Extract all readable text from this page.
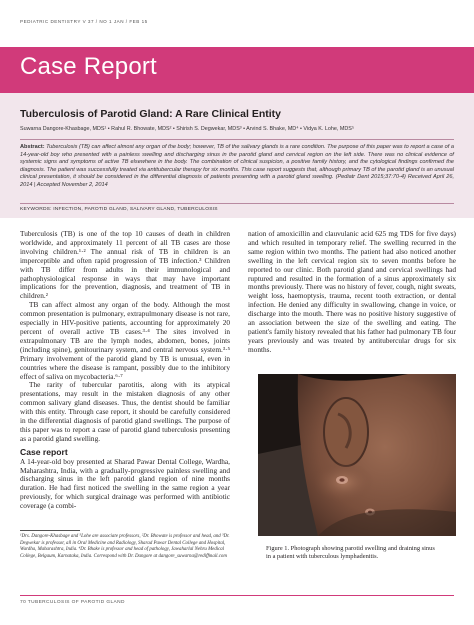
PEDIATRIC DENTISTRY V 37 / NO 1 JAN / FEB 15
Case Report
Tuberculosis of Parotid Gland: A Rare Clinical Entity
Suwarna Dangore-Khasbage, MDS¹ • Rahul R. Bhowate, MDS² • Shirish S. Degwekar, MDS³ • Arvind S. Bhake, MD⁴ • Vidya K. Lohe, MDS⁵
Abstract: Tuberculosis (TB) can affect almost any organ of the body; however, TB of the salivary glands is a rare condition. The purpose of this paper was to report a case of a 14-year-old boy who presented with a painless swelling and discharging sinus in the parotid gland and cervical region on the left side. There was no clinical evidence of systemic signs and symptoms of active TB elsewhere in the body. The combination of clinical suspicion, a positive family history, and the cytological findings confirmed the diagnosis. The patient was successfully treated via antitubercular therapy for six months. This case report suggests that, although primary TB of the parotid gland is an unusual clinical presentation, it should be considered in the differential diagnosis of patients presenting with a parotid gland swelling. (Pediatr Dent 2015;37:70-4) Received April 26, 2014 | Accepted November 2, 2014
KEYWORDS: INFECTION, PAROTID GLAND, SALIVARY GLAND, TUBERCULOSIS

Tuberculosis (TB) is one of the top 10 causes of death in children worldwide, and approximately 11 percent of all TB cases are those involving children.¹·² The annual risk of TB in children is an imperceptible and often rapid progression of TB infection.³ Children with TB differ from adults in their immunological and pathophysiological response in ways that may have important implications for the prevention, diagnosis, and treatment of TB in children.²

TB can affect almost any organ of the body. Although the most common presentation is pulmonary, extrapulmonary disease is not rare, especially in HIV-positive patients, accounting for approximately 20 percent of overall active TB cases.³·⁴ The sites involved in extrapulmonary TB are the lymph nodes, abdomen, bones, joints (including spine), genitourinary system, and central nervous system.³·⁵ Primary involvement of the parotid gland by TB is unusual, even in countries where the disease is rampant, possibly due to the inhibitory effect of saliva on mycobacteria.⁶·⁷

The rarity of tubercular parotitis, along with its atypical presentations, may result in the mistaken diagnosis of any other common salivary gland diseases. Thus, the dentist should be familiar with this entity. Through case report, it should be carefully considered in the differential diagnosis of parotid gland swellings. The purpose of this paper was to report a case of parotid gland tuberculosis presenting as a parotid gland swelling.

Case report

A 14-year-old boy presented at Sharad Pawar Dental College, Wardha, Maharashtra, India, with a gradually-progressive painless swelling and discharging sinus in the left parotid gland region of nine months duration. He had first noticed the swelling in the same region a year previously, for which surgical drainage was performed with antibiotic coverage (a combi-

¹Drs. Dangore-Khasbage and ⁵Lohe are associate professors, ²Dr. Bhowate is professor and head, and ³Dr. Degwekar is professor, all in Oral Medicine and Radiology, Sharad Pawar Dental College and Hospital, Wardha, Maharashtra, India. ⁴Dr. Bhake is professor and head of pathology, Jawaharlal Nehru Medical College, Belgaum, Karnataka, India. Correspond with Dr. Dangore at dangore_suwarna@rediffmail.com

nation of amoxicillin and clauvulanic acid 625 mg TDS for five days) and which resulted in temporary relief. The swelling recurred in the same region within two months. The patient had also noticed another swelling in the left cervical region six to seven months before he reported to our clinic. Both parotid gland and cervical swellings had ruptured and resulted in the formation of a sinus approximately six months previously. There was no history of fever, cough, night sweats, weight loss, haemoptysis, trauma, recent tooth extraction, or dental infection. He denied any difficulty in swallowing, change in voice, or discharge into the mouth. There was no positive history suggestive of an association between the size of the swelling and eating. The patient's family history revealed that his father had pulmonary TB four years previously and was treated by antitubercular drugs for six months.

Figure 1. Photograph showing parotid swelling and draining sinus in a patient with tuberculous lymphadenitis.
70 TUBERCULOSIS OF PAROTID GLAND
